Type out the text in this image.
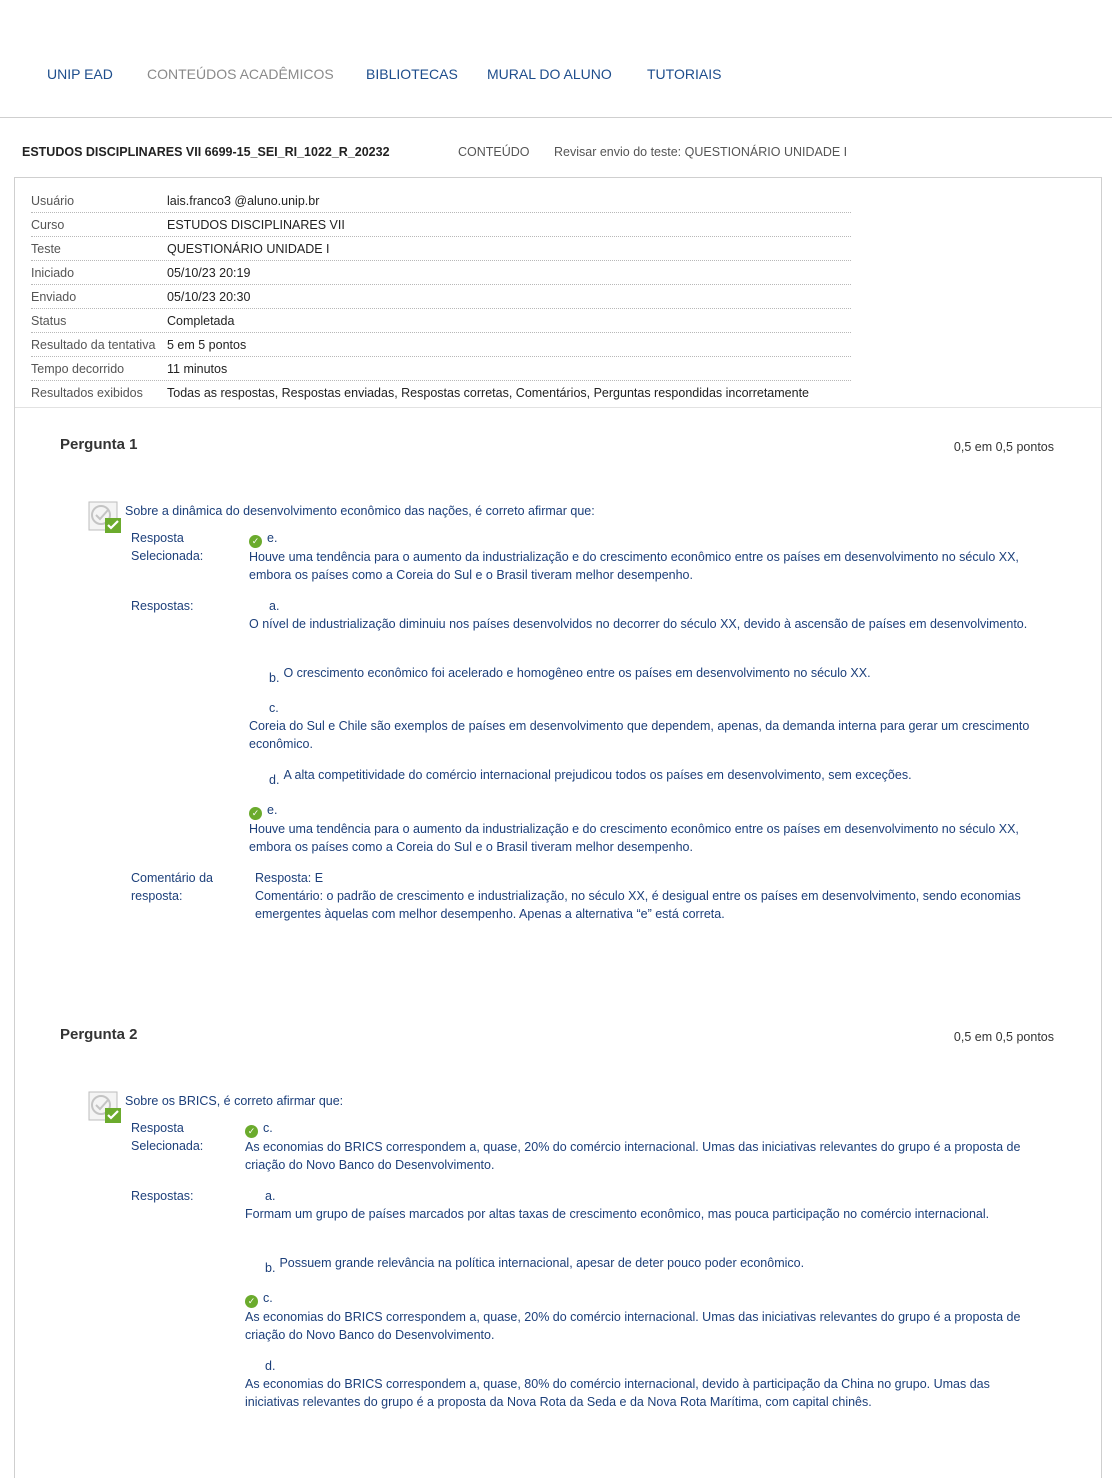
UNIP EAD CONTEÚDOS ACADÊMICOS BIBLIOTECAS MURAL DO ALUNO	TUTORIAIS
ESTUDOS DISCIPLINARES VII 6699-15_SEI_RI_1022_R_20232	CONTEÚDO Revisar envio do teste: QUESTIONÁRIO UNIDADE I
Usuário	lais.franco3 @aluno.unip.br
Curso	ESTUDOS DISCIPLINARES VII
Teste	QUESTIONÁRIO UNIDADE I
Iniciado	05/10/23 20:19
Enviado	05/10/23 20:30
Status	Completada
Resultado da tentativa 5 em 5 pontos
Tempo decorrido	11 minutos
Resultados exibidos Todas as respostas, Respostas enviadas, Respostas corretas, Comentários, Perguntas respondidas incorretamente
Pergunta 1	0,5 em 0,5 pontos
Sobre a dinâmica do desenvolvimento econômico das nações, é correto afirmar que:
Resposta
Selecionada:
✓ e.
Houve uma tendência para o aumento da industrialização e do crescimento econômico entre os países em desenvolvimento no século XX, embora os países como a Coreia do Sul e o Brasil tiveram melhor desempenho.
Respostas:	a.
O nível de industrialização diminuiu nos países desenvolvidos no decorrer do século XX, devido à ascensão de países em desenvolvimento.
b. O crescimento econômico foi acelerado e homogêneo entre os países em desenvolvimento no século XX.
c.
Coreia do Sul e Chile são exemplos de países em desenvolvimento que dependem, apenas, da demanda interna para gerar um crescimento econômico.
d. A alta competitividade do comércio internacional prejudicou todos os países em desenvolvimento, sem exceções.
✓ e.
Houve uma tendência para o aumento da industrialização e do crescimento econômico entre os países em desenvolvimento no século XX, embora os países como a Coreia do Sul e o Brasil tiveram melhor desempenho.
Comentário da
resposta:
Resposta: E
Comentário: o padrão de crescimento e industrialização, no século XX, é desigual entre os países em desenvolvimento, sendo economias emergentes àquelas com melhor desempenho. Apenas a alternativa “e” está correta.
Pergunta 2	0,5 em 0,5 pontos
Sobre os BRICS, é correto afirmar que:
Resposta
Selecionada:
✓ c.
As economias do BRICS correspondem a, quase, 20% do comércio internacional. Umas das iniciativas relevantes do grupo é a proposta de criação do Novo Banco do Desenvolvimento.
Respostas:	a.
Formam um grupo de países marcados por altas taxas de crescimento econômico, mas pouca participação no comércio internacional.
b. Possuem grande relevância na política internacional, apesar de deter pouco poder econômico.
✓ c.
As economias do BRICS correspondem a, quase, 20% do comércio internacional. Umas das iniciativas relevantes do grupo é a proposta de criação do Novo Banco do Desenvolvimento.
d.
As economias do BRICS correspondem a, quase, 80% do comércio internacional, devido à participação da China no grupo. Umas das iniciativas relevantes do grupo é a proposta da Nova Rota da Seda e da Nova Rota Marítima, com capital chinês.
